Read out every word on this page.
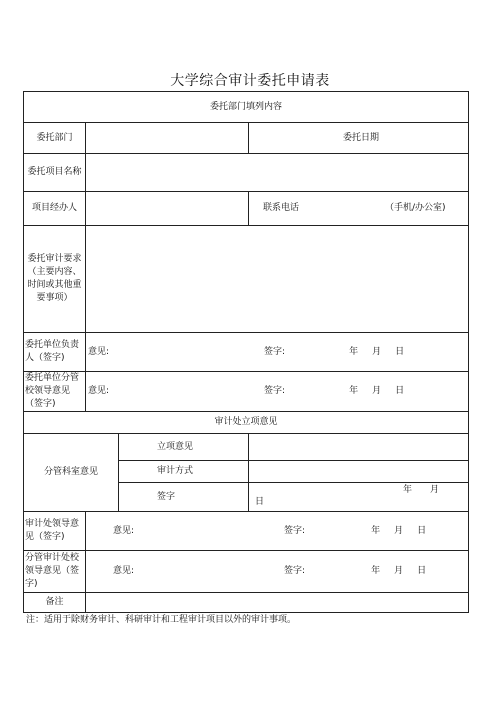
大学综合审计委托申请表
委托部门填列内容			
委托部门			委托日期

委托项目名称			
项目经办人			联系电话 （手机/办公室)

委托审计要求（主要内容、时间或其他重要事项）			
委托单位负责人（签字)	意见: 签字: 年 月 日		

委托单位分管校领导意见（签字)	意见: 签字: 年 月 日		

审计处立项意见			
分管科室意见		立项意见	
		审计方式	
		签字	年 月
日

审计处领导意见（签字)	意见: 签字: 年 月 日		

分管审计处校领导意见（签字)	意见: 签字: 年 月 日		

备注			
注：适用于除财务审计、科研审计和工程审计项目以外的审计事项。
